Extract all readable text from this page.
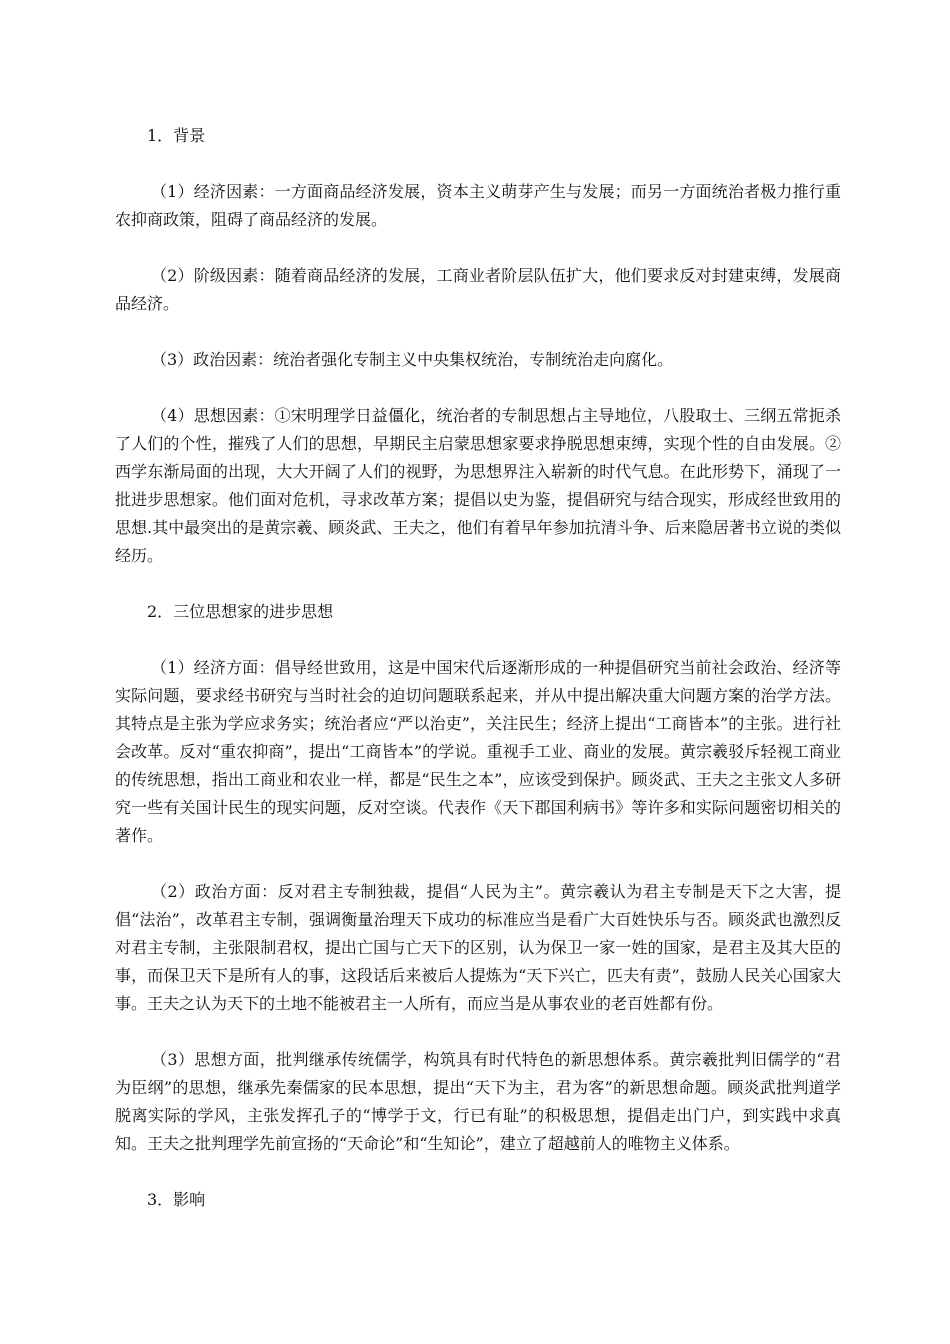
1．背景

（1）经济因素：一方面商品经济发展，资本主义萌芽产生与发展；而另一方面统治者极力推行重农抑商政策，阻碍了商品经济的发展。

（2）阶级因素：随着商品经济的发展，工商业者阶层队伍扩大，他们要求反对封建束缚，发展商品经济。

（3）政治因素：统治者强化专制主义中央集权统治，专制统治走向腐化。

（4）思想因素：①宋明理学日益僵化，统治者的专制思想占主导地位，八股取士、三纲五常扼杀了人们的个性，摧残了人们的思想，早期民主启蒙思想家要求挣脱思想束缚，实现个性的自由发展。②西学东渐局面的出现，大大开阔了人们的视野，为思想界注入崭新的时代气息。在此形势下，涌现了一批进步思想家。他们面对危机，寻求改革方案；提倡以史为鉴，提倡研究与结合现实，形成经世致用的思想.其中最突出的是黄宗羲、顾炎武、王夫之，他们有着早年参加抗清斗争、后来隐居著书立说的类似经历。

2．三位思想家的进步思想

（1）经济方面：倡导经世致用，这是中国宋代后逐渐形成的一种提倡研究当前社会政治、经济等实际问题，要求经书研究与当时社会的迫切问题联系起来，并从中提出解决重大问题方案的治学方法。其特点是主张为学应求务实；统治者应“严以治吏”，关注民生；经济上提出“工商皆本”的主张。进行社会改革。反对“重农抑商”，提出“工商皆本”的学说。重视手工业、商业的发展。黄宗羲驳斥轻视工商业的传统思想，指出工商业和农业一样，都是“民生之本”，应该受到保护。顾炎武、王夫之主张文人多研究一些有关国计民生的现实问题，反对空谈。代表作《天下郡国利病书》等许多和实际问题密切相关的著作。

（2）政治方面：反对君主专制独裁，提倡“人民为主”。黄宗羲认为君主专制是天下之大害，提倡“法治”，改革君主专制，强调衡量治理天下成功的标准应当是看广大百姓快乐与否。顾炎武也激烈反对君主专制，主张限制君权，提出亡国与亡天下的区别，认为保卫一家一姓的国家，是君主及其大臣的事，而保卫天下是所有人的事，这段话后来被后人提炼为“天下兴亡，匹夫有责”，鼓励人民关心国家大事。王夫之认为天下的土地不能被君主一人所有，而应当是从事农业的老百姓都有份。

（3）思想方面，批判继承传统儒学，构筑具有时代特色的新思想体系。黄宗羲批判旧儒学的“君为臣纲”的思想，继承先秦儒家的民本思想，提出“天下为主，君为客”的新思想命题。顾炎武批判道学脱离实际的学风，主张发挥孔子的“博学于文，行已有耻”的积极思想，提倡走出门户，到实践中求真知。王夫之批判理学先前宣扬的“天命论”和“生知论”，建立了超越前人的唯物主义体系。

3．影响
